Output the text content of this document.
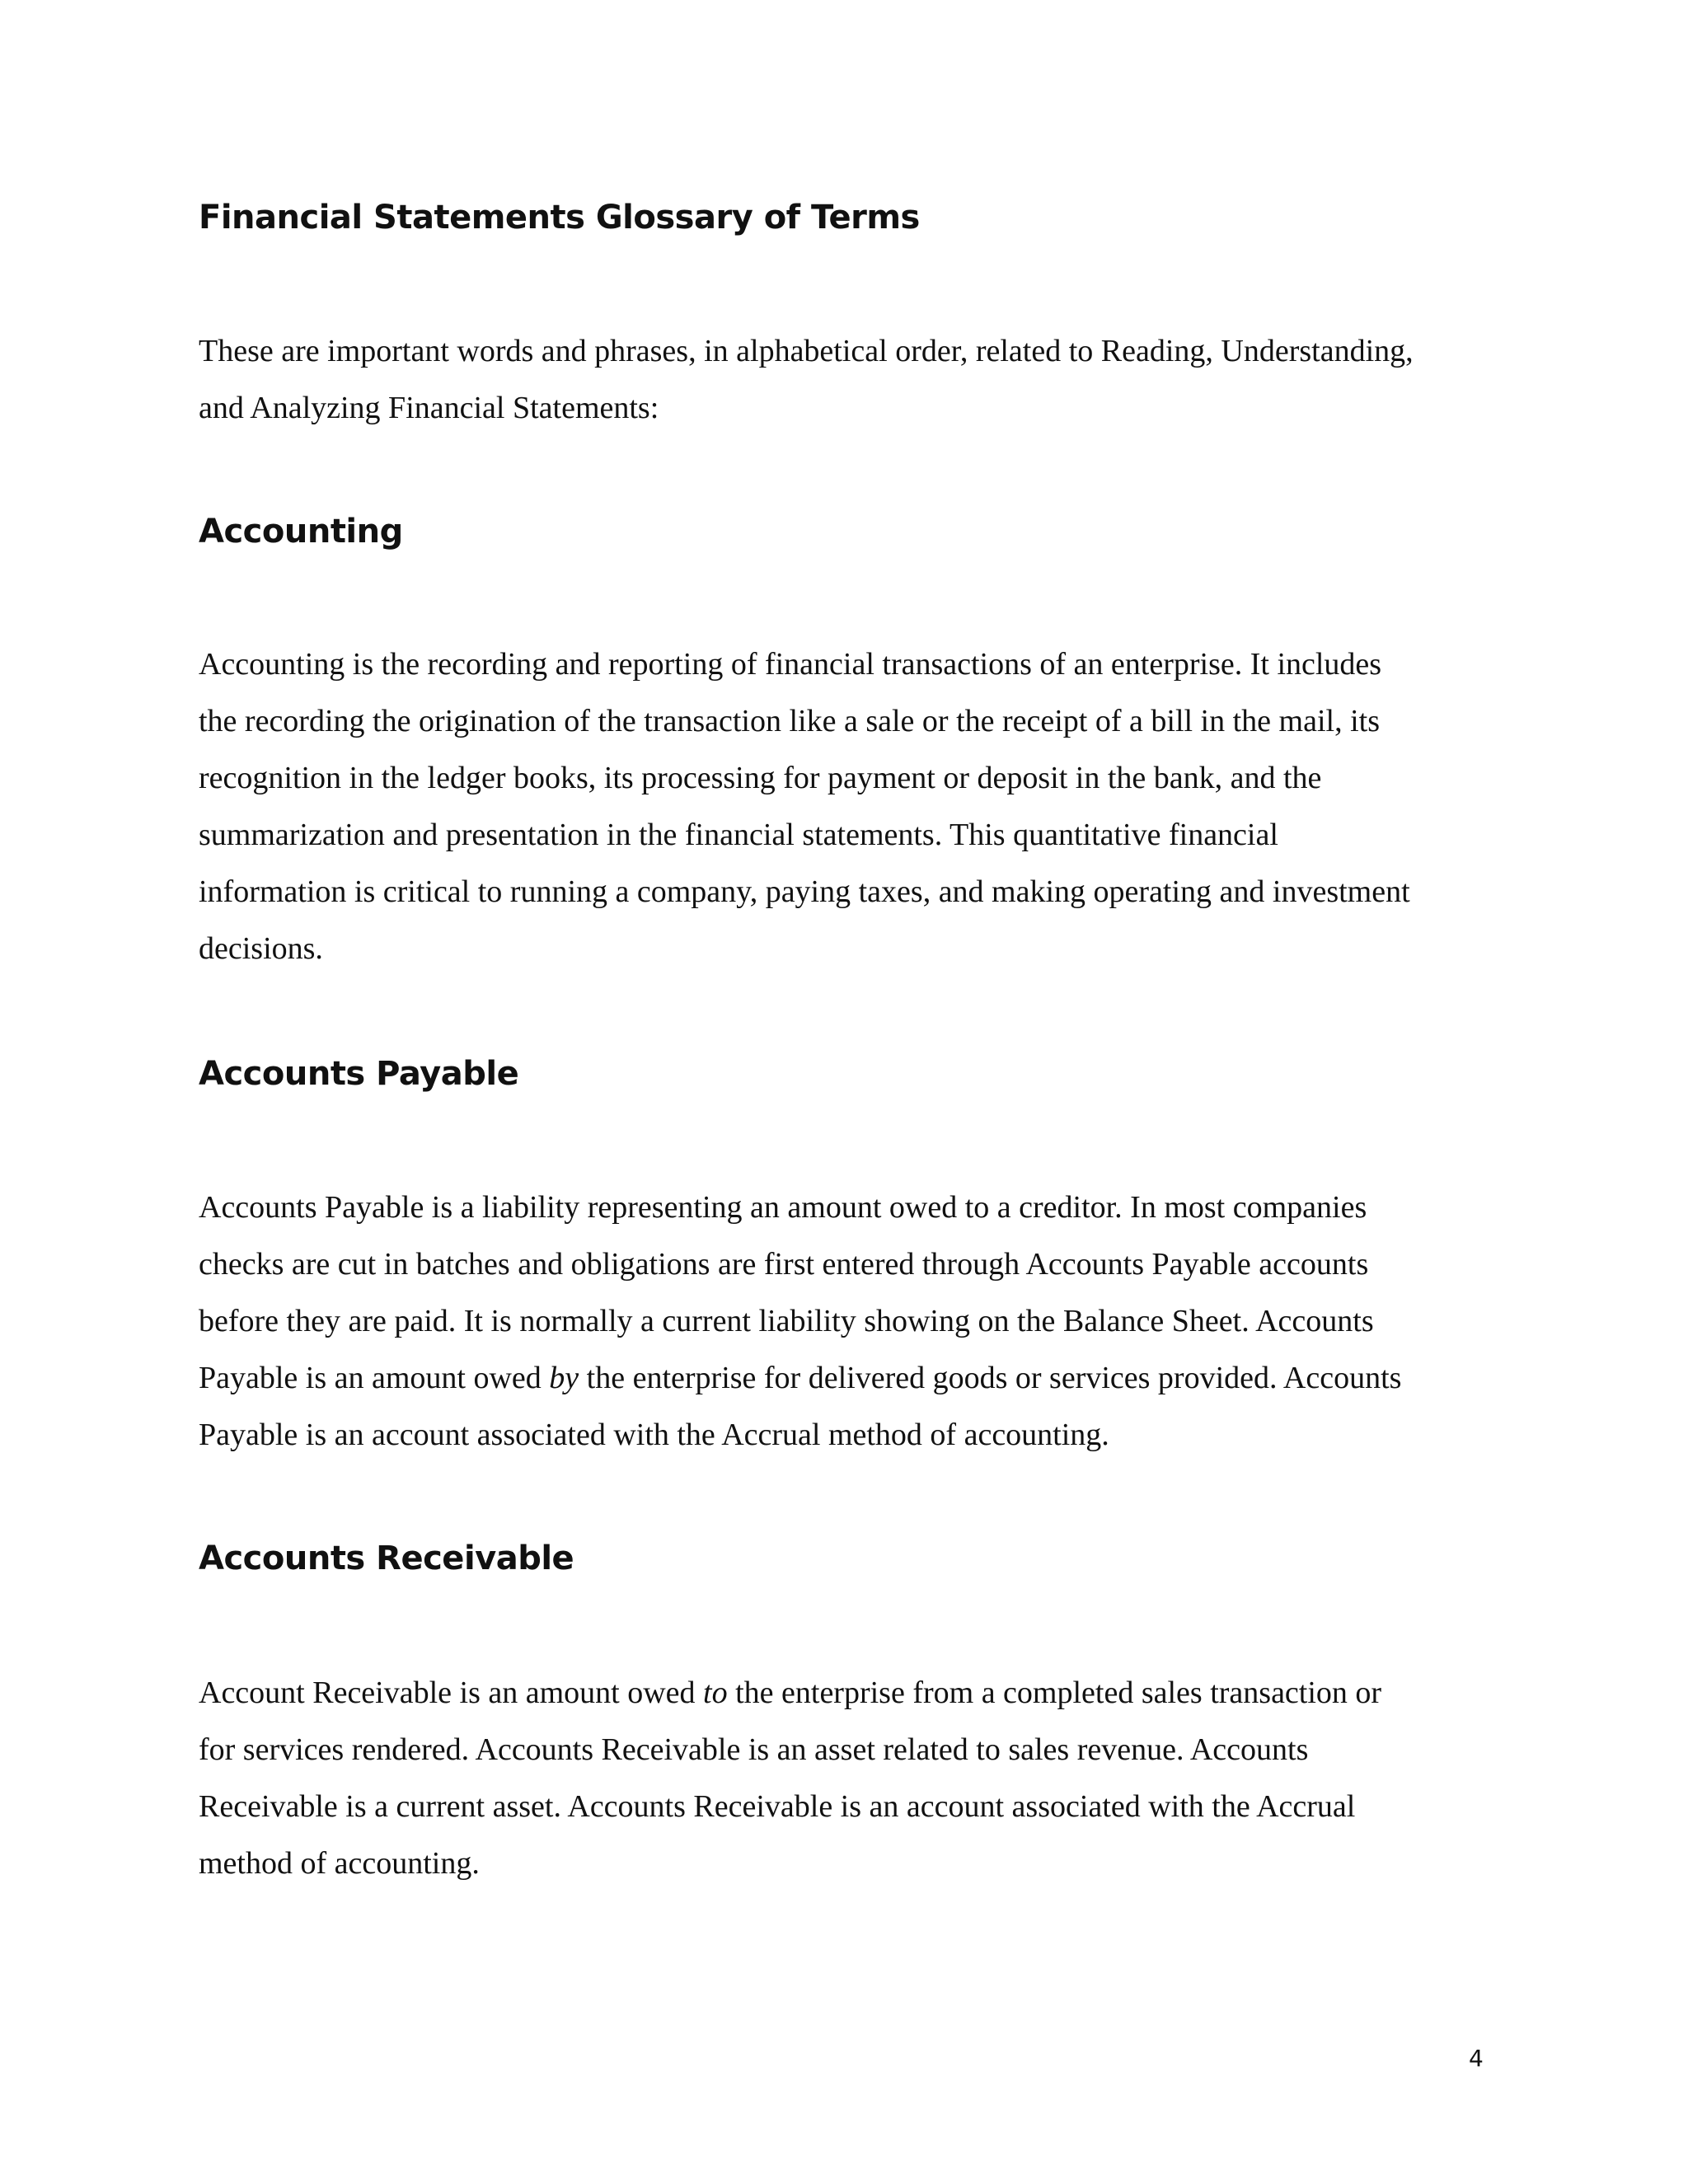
Financial Statements Glossary of Terms

These are important words and phrases, in alphabetical order, related to Reading, Understanding,
and Analyzing Financial Statements:

Accounting

Accounting is the recording and reporting of financial transactions of an enterprise. It includes
the recording the origination of the transaction like a sale or the receipt of a bill in the mail, its
recognition in the ledger books, its processing for payment or deposit in the bank, and the
summarization and presentation in the financial statements. This quantitative financial
information is critical to running a company, paying taxes, and making operating and investment
decisions.

Accounts Payable

Accounts Payable is a liability representing an amount owed to a creditor. In most companies
checks are cut in batches and obligations are first entered through Accounts Payable accounts
before they are paid. It is normally a current liability showing on the Balance Sheet. Accounts
Payable is an amount owed by the enterprise for delivered goods or services provided. Accounts
Payable is an account associated with the Accrual method of accounting.

Accounts Receivable

Account Receivable is an amount owed to the enterprise from a completed sales transaction or
for services rendered. Accounts Receivable is an asset related to sales revenue. Accounts
Receivable is a current asset. Accounts Receivable is an account associated with the Accrual
method of accounting.

4
